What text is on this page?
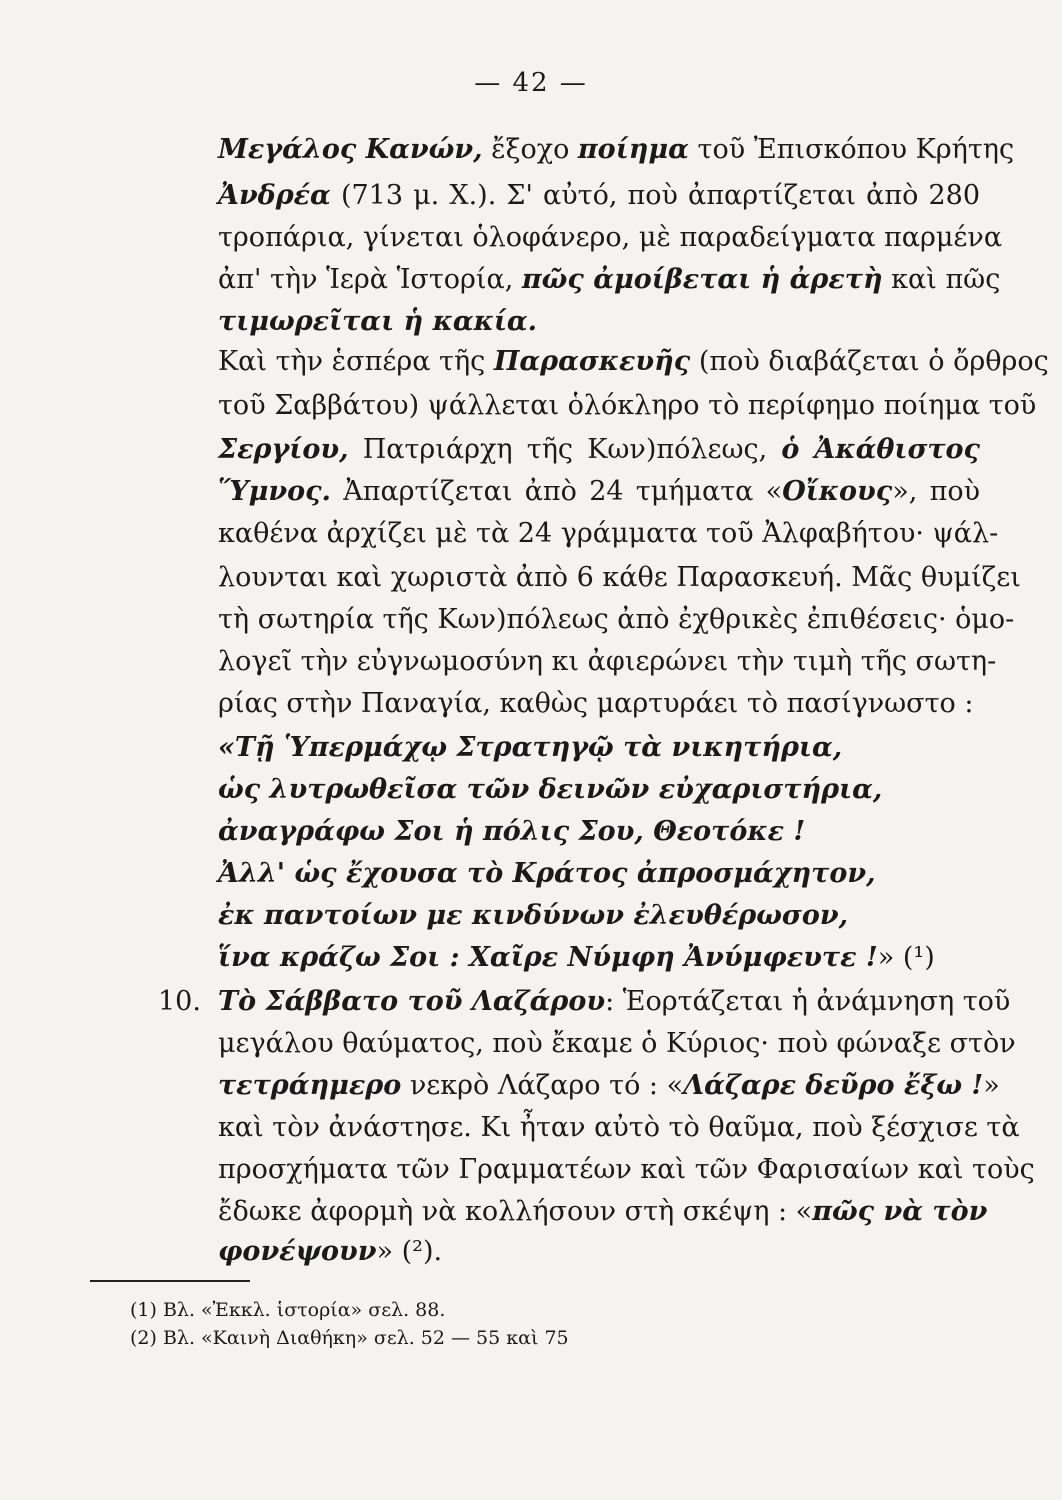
— 42 —
Μεγάλος Κανών, ἔξοχο ποίημα τοῦ Ἐπισκόπου Κρήτης
Ἀνδρέα (713 μ. Χ.). Σ' αὐτό, ποὺ ἀπαρτίζεται ἀπὸ 280
τροπάρια, γίνεται ὁλοφάνερο, μὲ παραδείγματα παρμένα
ἀπ' τὴν Ἱερὰ Ἱστορία, πῶς ἀμοίβεται ἡ ἀρετὴ καὶ πῶς
τιμωρεῖται ἡ κακία.
Καὶ τὴν ἑσπέρα τῆς Παρασκευῆς (ποὺ διαβάζεται ὁ ὄρθρος
τοῦ Σαββάτου) ψάλλεται ὁλόκληρο τὸ περίφημο ποίημα τοῦ
Σεργίου, Πατριάρχη τῆς Κων)πόλεως, ὁ Ἀκάθιστος
Ὕμνος. Ἀπαρτίζεται ἀπὸ 24 τμήματα «Οἴκους», ποὺ
καθένα ἀρχίζει μὲ τὰ 24 γράμματα τοῦ Ἀλφαβήτου· ψάλ-
λουνται καὶ χωριστὰ ἀπὸ 6 κάθε Παρασκευή. Μᾶς θυμίζει
τὴ σωτηρία τῆς Κων)πόλεως ἀπὸ ἐχθρικὲς ἐπιθέσεις· ὁμο-
λογεῖ τὴν εὐγνωμοσύνη κι ἀφιερώνει τὴν τιμὴ τῆς σωτη-
ρίας στὴν Παναγία, καθὼς μαρτυράει τὸ πασίγνωστο :
«Τῇ Ὑπερμάχῳ Στρατηγῷ τὰ νικητήρια,
ὡς λυτρωθεῖσα τῶν δεινῶν εὐχαριστήρια,
ἀναγράφω Σοι ἡ πόλις Σου, Θεοτόκε !
Ἀλλ' ὡς ἔχουσα τὸ Κράτος ἀπροσμάχητον,
ἐκ παντοίων με κινδύνων ἐλευθέρωσον,
ἵνα κράζω Σοι : Χαῖρε Νύμφη Ἀνύμφευτε !» (¹)
10. Τὸ Σάββατο τοῦ Λαζάρου: Ἑορτάζεται ἡ ἀνάμνηση τοῦ
μεγάλου θαύματος, ποὺ ἔκαμε ὁ Κύριος· ποὺ φώναξε στὸν
τετράημερο νεκρὸ Λάζαρο τό : «Λάζαρε δεῦρο ἔξω !»
καὶ τὸν ἀνάστησε. Κι ἦταν αὐτὸ τὸ θαῦμα, ποὺ ξέσχισε τὰ
προσχήματα τῶν Γραμματέων καὶ τῶν Φαρισαίων καὶ τοὺς
ἔδωκε ἀφορμὴ νὰ κολλήσουν στὴ σκέψη : «πῶς νὰ τὸν
φονέψουν» (²).
(1) Βλ. «Ἐκκλ. ἱστορία» σελ. 88.
(2) Βλ. «Καινὴ Διαθήκη» σελ. 52 — 55 καὶ 75
